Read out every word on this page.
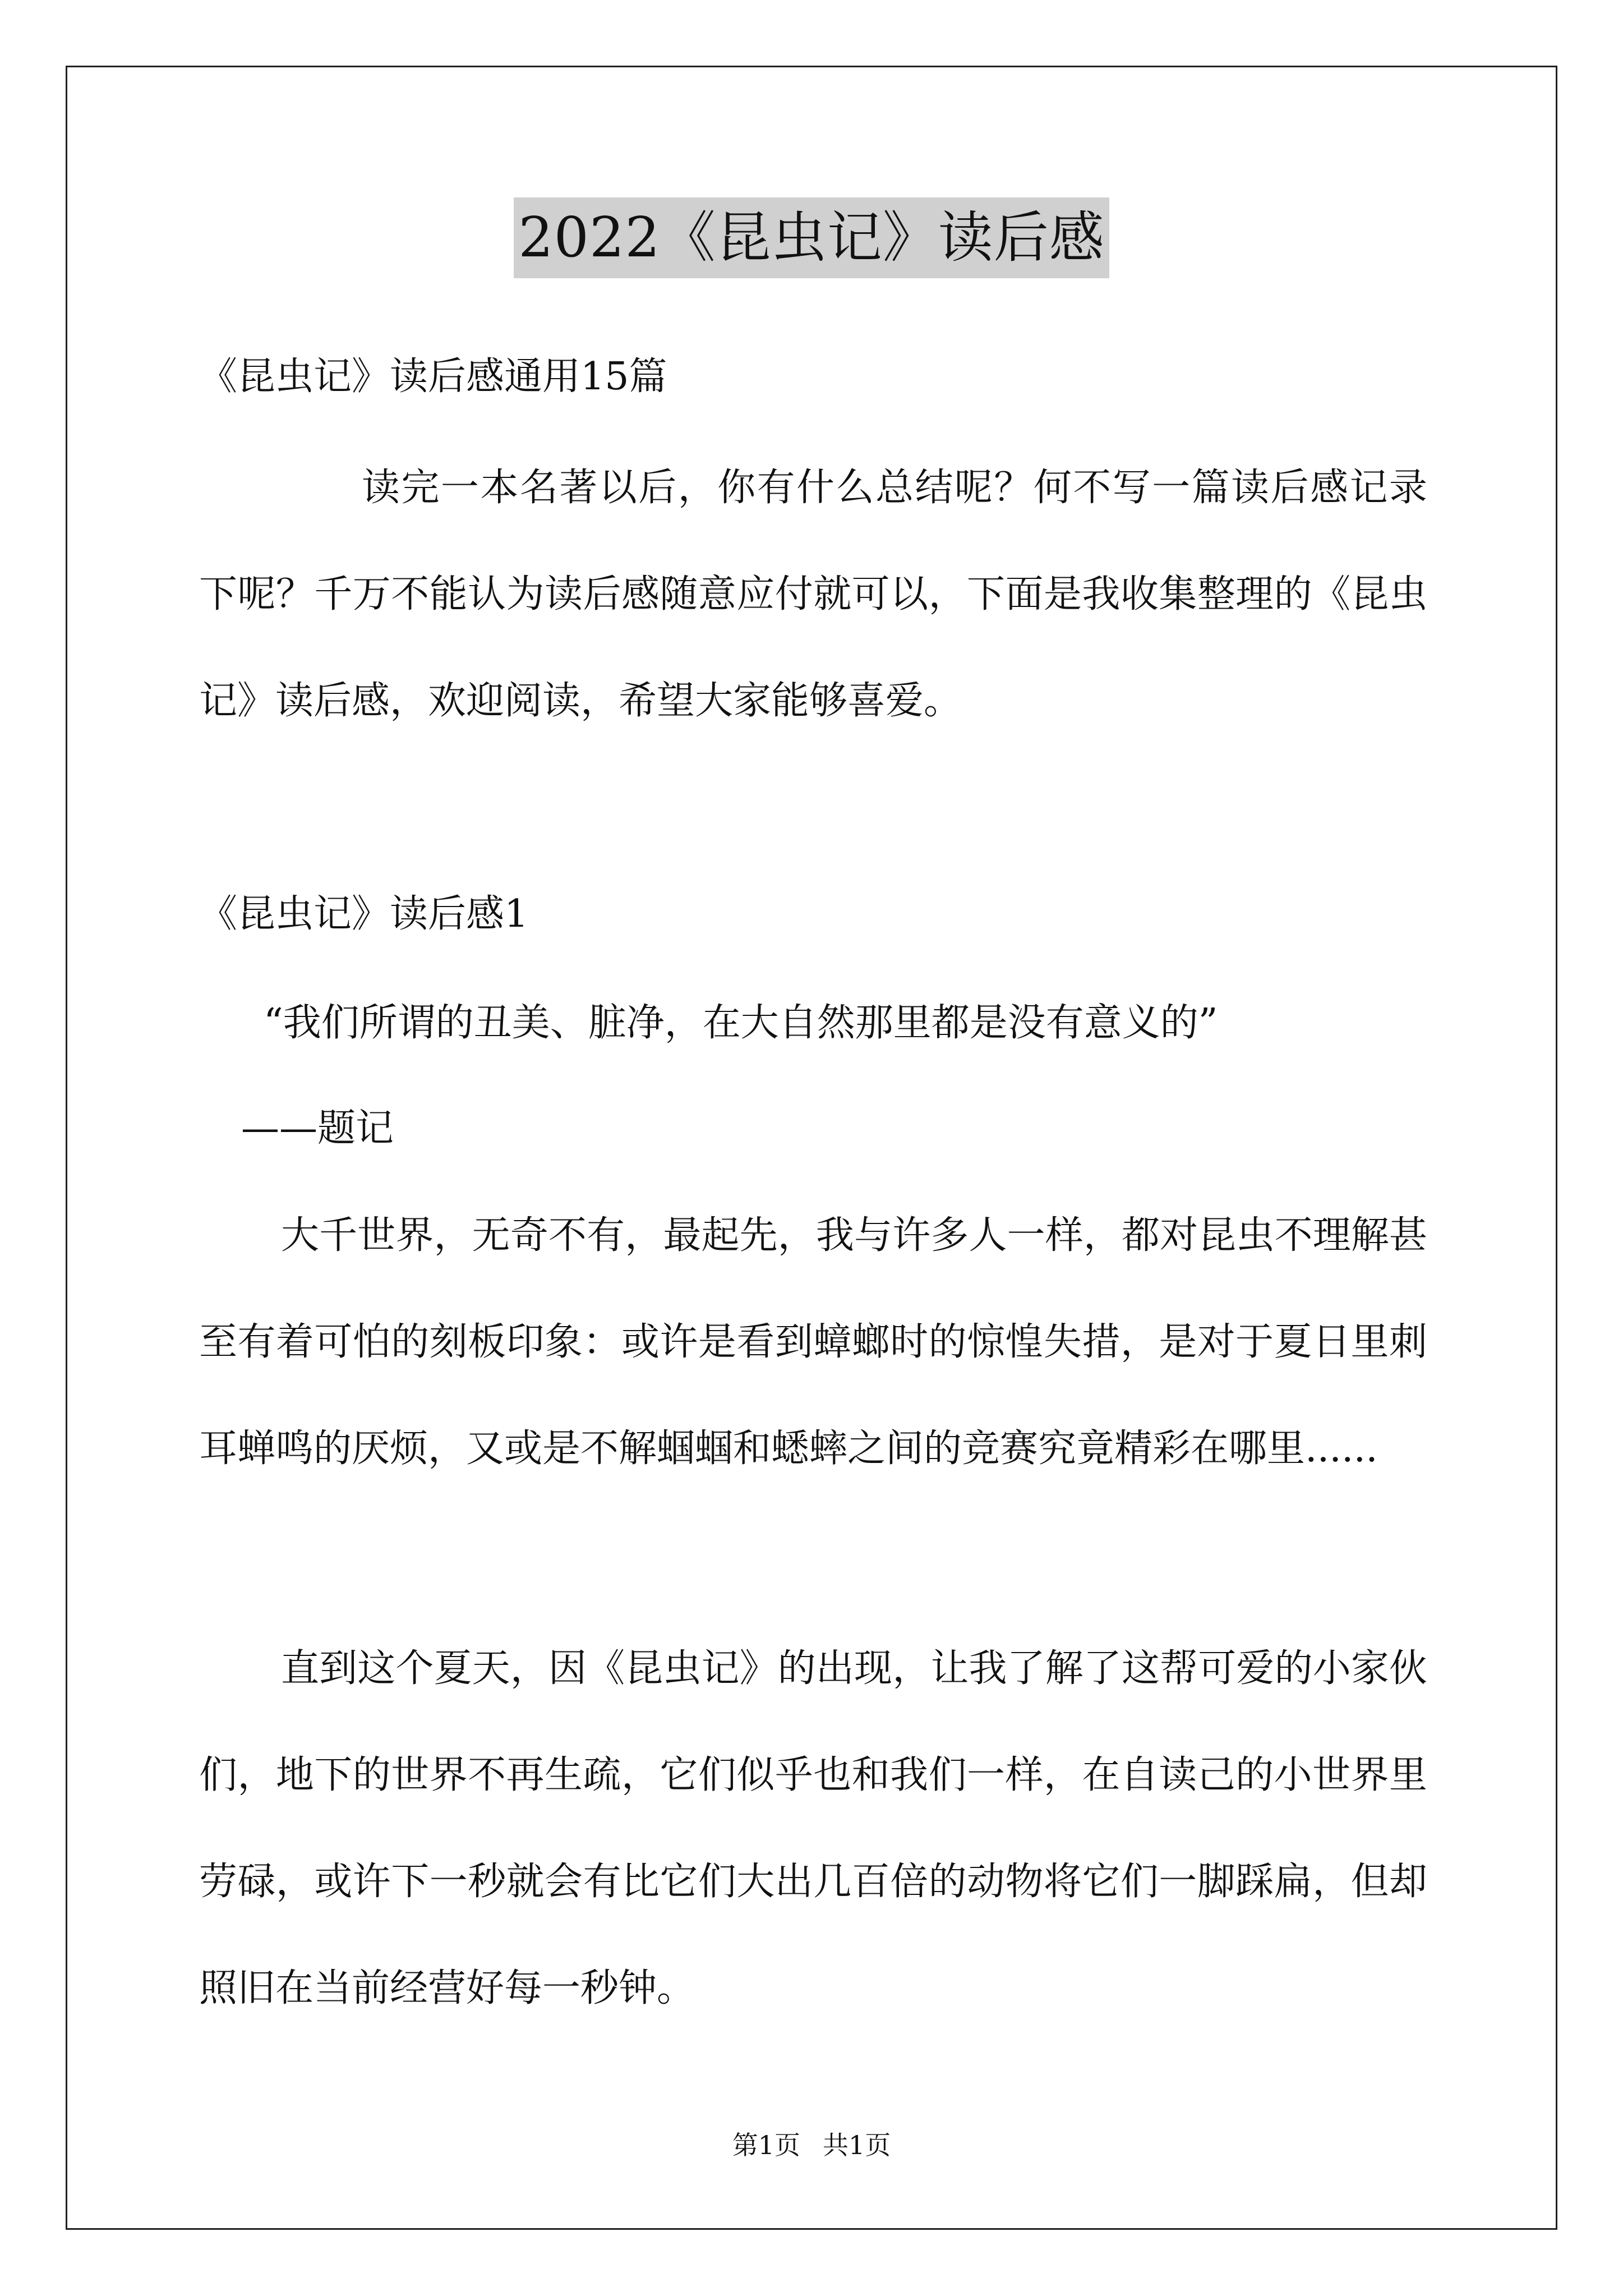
2022《昆虫记》读后感
《昆虫记》读后感通用15篇
读完一本名著以后，你有什么总结呢？何不写一篇读后感记录下呢？千万不能认为读后感随意应付就可以，下面是我收集整理的《昆虫记》读后感，欢迎阅读，希望大家能够喜爱。
《昆虫记》读后感1
“我们所谓的丑美、脏净，在大自然那里都是没有意义的”
——题记
大千世界，无奇不有，最起先，我与许多人一样，都对昆虫不理解甚至有着可怕的刻板印象：或许是看到蟑螂时的惊惶失措，是对于夏日里刺耳蝉鸣的厌烦，又或是不解蝈蝈和蟋蟀之间的竞赛究竟精彩在哪里......
直到这个夏天，因《昆虫记》的出现，让我了解了这帮可爱的小家伙们，地下的世界不再生疏，它们似乎也和我们一样，在自读己的小世界里劳碌，或许下一秒就会有比它们大出几百倍的动物将它们一脚踩扁，但却照旧在当前经营好每一秒钟。
第1页 共1页
